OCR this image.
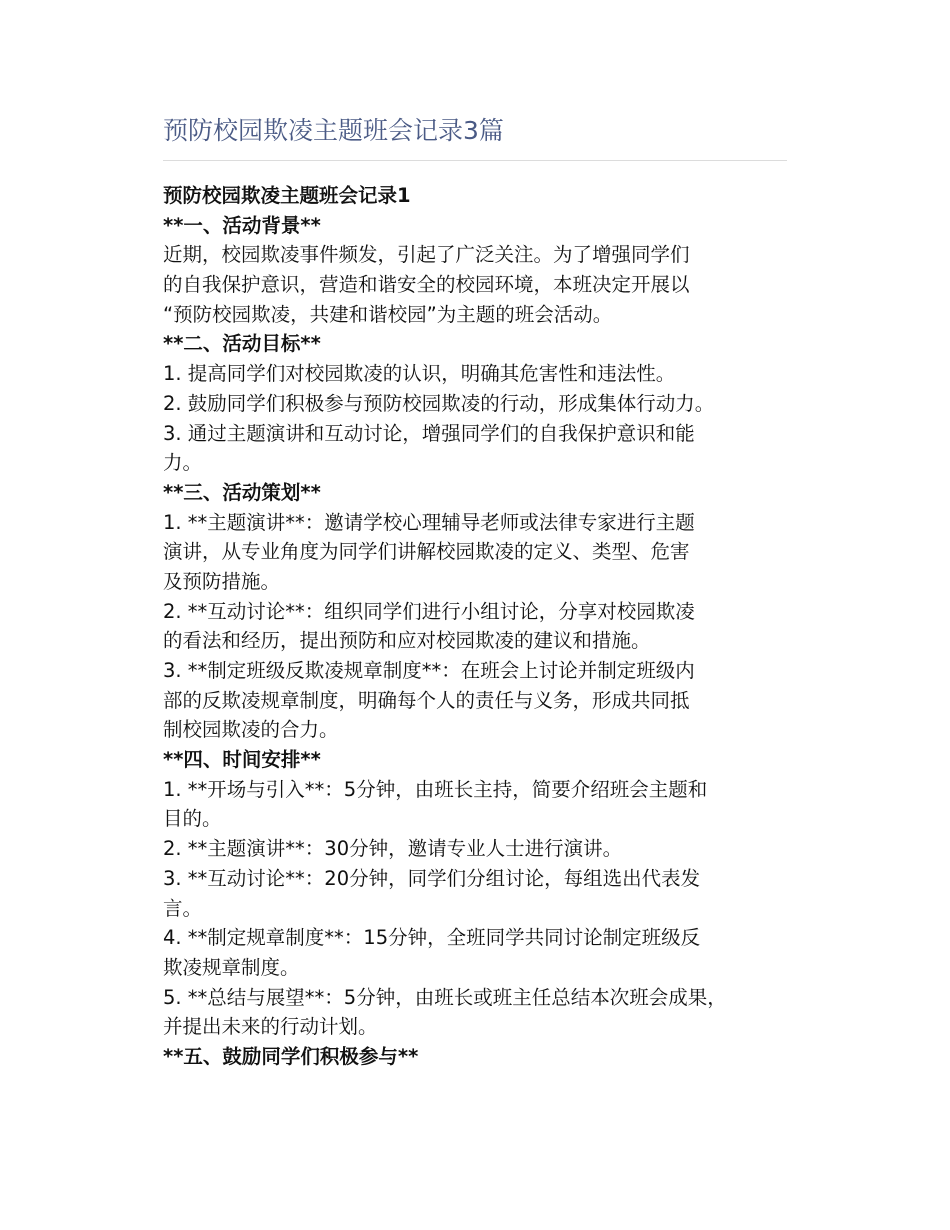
预防校园欺凌主题班会记录3篇
预防校园欺凌主题班会记录1
**一、活动背景**
近期，校园欺凌事件频发，引起了广泛关注。为了增强同学们
的自我保护意识，营造和谐安全的校园环境，本班决定开展以
“预防校园欺凌，共建和谐校园”为主题的班会活动。
**二、活动目标**
1. 提高同学们对校园欺凌的认识，明确其危害性和违法性。
2. 鼓励同学们积极参与预防校园欺凌的行动，形成集体行动力。
3. 通过主题演讲和互动讨论，增强同学们的自我保护意识和能
力。
**三、活动策划**
1. **主题演讲**：邀请学校心理辅导老师或法律专家进行主题
演讲，从专业角度为同学们讲解校园欺凌的定义、类型、危害
及预防措施。
2. **互动讨论**：组织同学们进行小组讨论，分享对校园欺凌
的看法和经历，提出预防和应对校园欺凌的建议和措施。
3. **制定班级反欺凌规章制度**：在班会上讨论并制定班级内
部的反欺凌规章制度，明确每个人的责任与义务，形成共同抵
制校园欺凌的合力。
**四、时间安排**
1. **开场与引入**：5分钟，由班长主持，简要介绍班会主题和
目的。
2. **主题演讲**：30分钟，邀请专业人士进行演讲。
3. **互动讨论**：20分钟，同学们分组讨论，每组选出代表发
言。
4. **制定规章制度**：15分钟，全班同学共同讨论制定班级反
欺凌规章制度。
5. **总结与展望**：5分钟，由班长或班主任总结本次班会成果，
并提出未来的行动计划。
**五、鼓励同学们积极参与**
